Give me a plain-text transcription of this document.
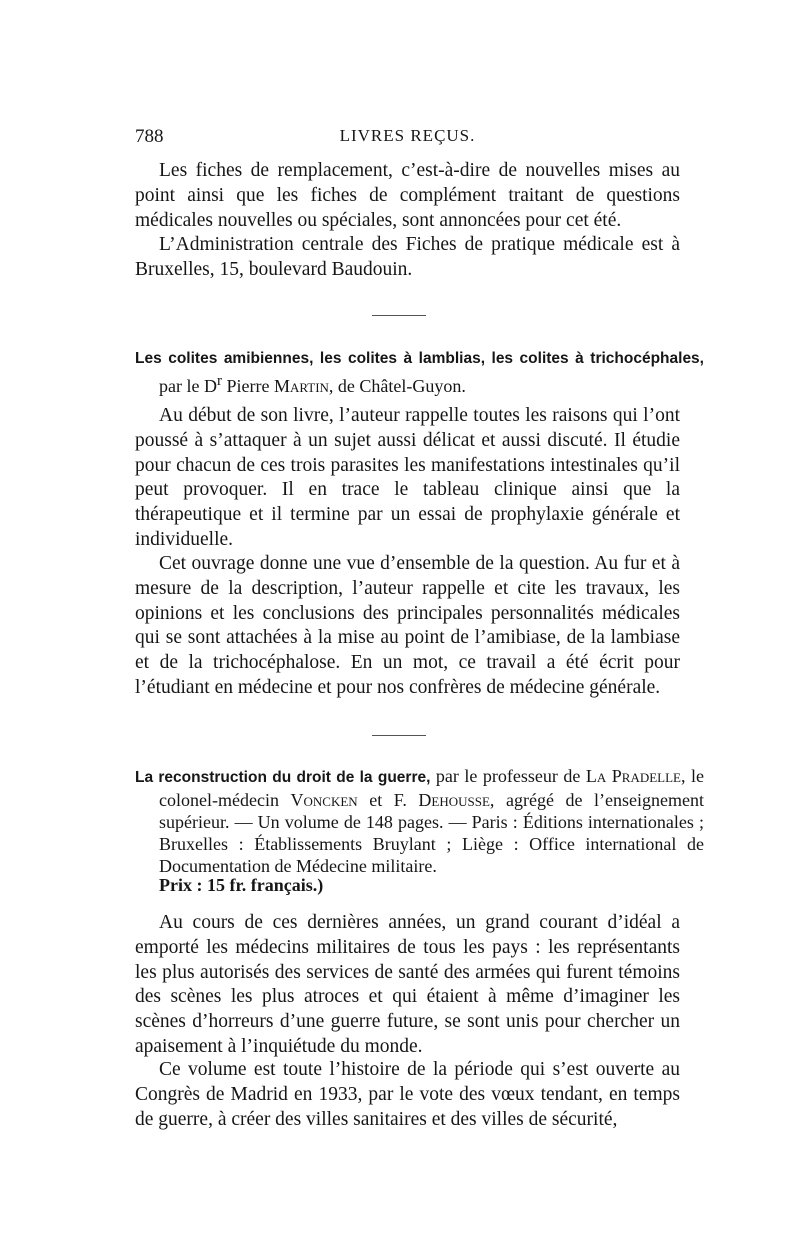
788	LIVRES REÇUS.

Les fiches de remplacement, c’est-à-dire de nouvelles mises au point ainsi que les fiches de complément traitant de questions médicales nouvelles ou spéciales, sont annoncées pour cet été.

L’Administration centrale des Fiches de pratique médicale est à Bruxelles, 15, boulevard Baudouin.

Les colites amibiennes, les colites à lamblias, les colites à trichocéphales, par le $D^r$ Pierre Martin, de Châtel-Guyon.

Au début de son livre, l’auteur rappelle toutes les raisons qui l’ont poussé à s’attaquer à un sujet aussi délicat et aussi discuté. Il étudie pour chacun de ces trois parasites les manifestations intestinales qu’il peut provoquer. Il en trace le tableau clinique ainsi que la thérapeutique et il termine par un essai de prophylaxie générale et individuelle.

Cet ouvrage donne une vue d’ensemble de la question. Au fur et à mesure de la description, l’auteur rappelle et cite les travaux, les opinions et les conclusions des principales personnalités médicales qui se sont attachées à la mise au point de l’amibiase, de la lambiase et de la trichocéphalose. En un mot, ce travail a été écrit pour l’étudiant en médecine et pour nos confrères de médecine générale.

La reconstruction du droit de la guerre, par le professeur de La Pradelle, le colonel-médecin Voncken et F. Dehousse, agrégé de l’enseignement supérieur. — Un volume de 148 pages. — Paris : Éditions internationales ; Bruxelles : Établissements Bruylant ; Liège : Office international de Documentation de Médecine militaire.

Prix : 15 fr. français.)

Au cours de ces dernières années, un grand courant d’idéal a emporté les médecins militaires de tous les pays : les représentants les plus autorisés des services de santé des armées qui furent témoins des scènes les plus atroces et qui étaient à même d’imaginer les scènes d’horreurs d’une guerre future, se sont unis pour chercher un apaisement à l’inquiétude du monde.

Ce volume est toute l’histoire de la période qui s’est ouverte au Congrès de Madrid en 1933, par le vote des vœux tendant, en temps de guerre, à créer des villes sanitaires et des villes de sécurité,
